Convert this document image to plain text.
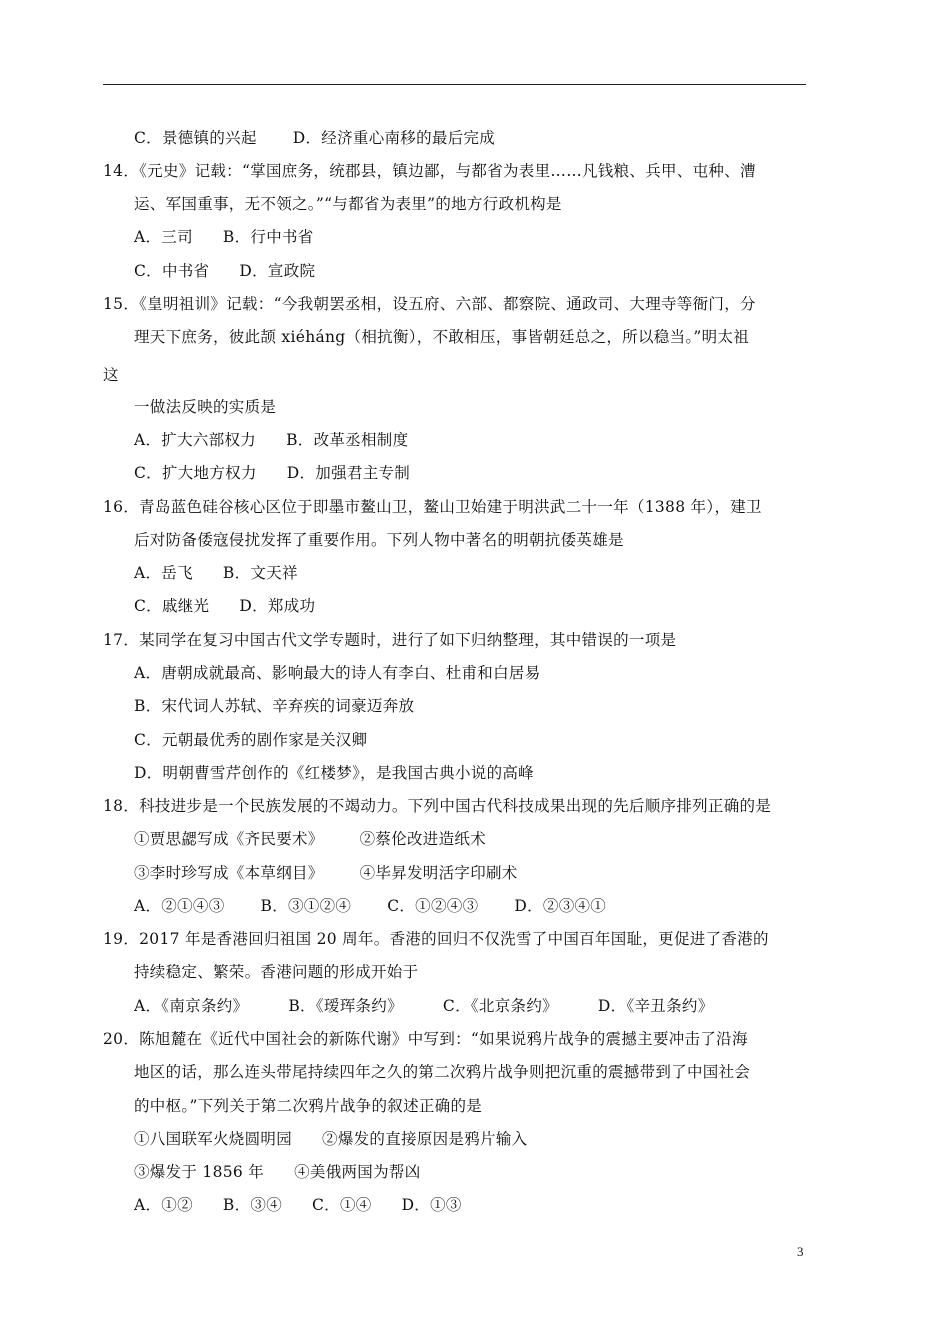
C．景德镇的兴起 D．经济重心南移的最后完成
14．《元史》记载：“掌国庶务，统郡县，镇边鄙，与都省为表里……凡钱粮、兵甲、屯种、漕
运、军国重事，无不领之。”“与都省为表里”的地方行政机构是
A．三司 B．行中书省
C．中书省 D．宣政院
15．《皇明祖训》记载：“今我朝罢丞相，设五府、六部、都察院、通政司、大理寺等衙门，分
理天下庶务，彼此颉 xiéháng（相抗衡），不敢相压，事皆朝廷总之，所以稳当。”明太祖
这
一做法反映的实质是
A．扩大六部权力 B．改革丞相制度
C．扩大地方权力 D．加强君主专制
16．青岛蓝色硅谷核心区位于即墨市鳌山卫，鳌山卫始建于明洪武二十一年（1388 年），建卫
后对防备倭寇侵扰发挥了重要作用。下列人物中著名的明朝抗倭英雄是
A．岳飞 B．文天祥
C．戚继光 D．郑成功
17．某同学在复习中国古代文学专题时，进行了如下归纳整理，其中错误的一项是
A．唐朝成就最高、影响最大的诗人有李白、杜甫和白居易
B．宋代词人苏轼、辛弃疾的词豪迈奔放
C．元朝最优秀的剧作家是关汉卿
D．明朝曹雪芹创作的《红楼梦》，是我国古典小说的高峰
18．科技进步是一个民族发展的不竭动力。下列中国古代科技成果出现的先后顺序排列正确的是
①贾思勰写成《齐民要术》 ②蔡伦改进造纸术
③李时珍写成《本草纲目》 ④毕昇发明活字印刷术
A．②①④③ B．③①②④ C．①②④③ D．②③④①
19．2017 年是香港回归祖国 20 周年。香港的回归不仅洗雪了中国百年国耻，更促进了香港的
持续稳定、繁荣。香港问题的形成开始于
A．《南京条约》	B．《瑷珲条约》	C．《北京条约》	D．《辛丑条约》
20．陈旭麓在《近代中国社会的新陈代谢》中写到：“如果说鸦片战争的震撼主要冲击了沿海
地区的话，那么连头带尾持续四年之久的第二次鸦片战争则把沉重的震撼带到了中国社会
的中枢。”下列关于第二次鸦片战争的叙述正确的是
①八国联军火烧圆明园 ②爆发的直接原因是鸦片输入
③爆发于 1856 年 ④美俄两国为帮凶
A．①② B．③④ C．①④ D．①③
3
